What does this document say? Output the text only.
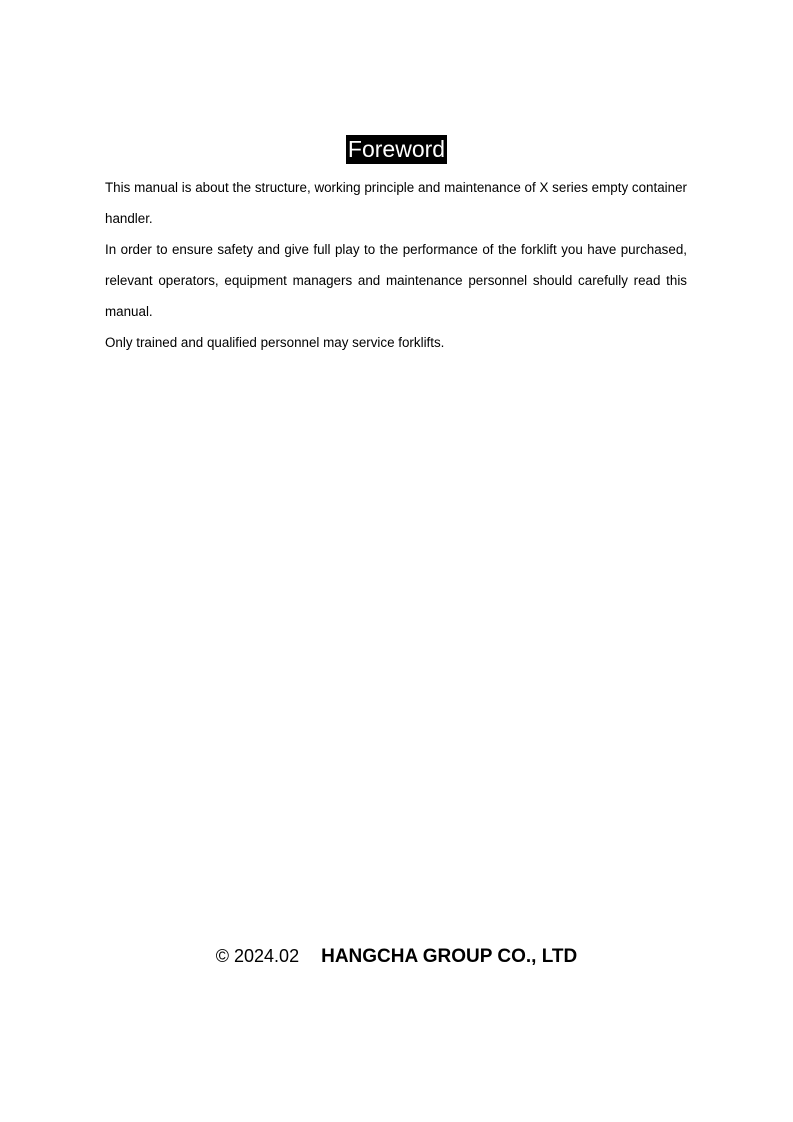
Foreword

This manual is about the structure, working principle and maintenance of X series empty container handler.

In order to ensure safety and give full play to the performance of the forklift you have purchased, relevant operators, equipment managers and maintenance personnel should carefully read this manual.

Only trained and qualified personnel may service forklifts.

© 2024.02 HANGCHA GROUP CO., LTD
